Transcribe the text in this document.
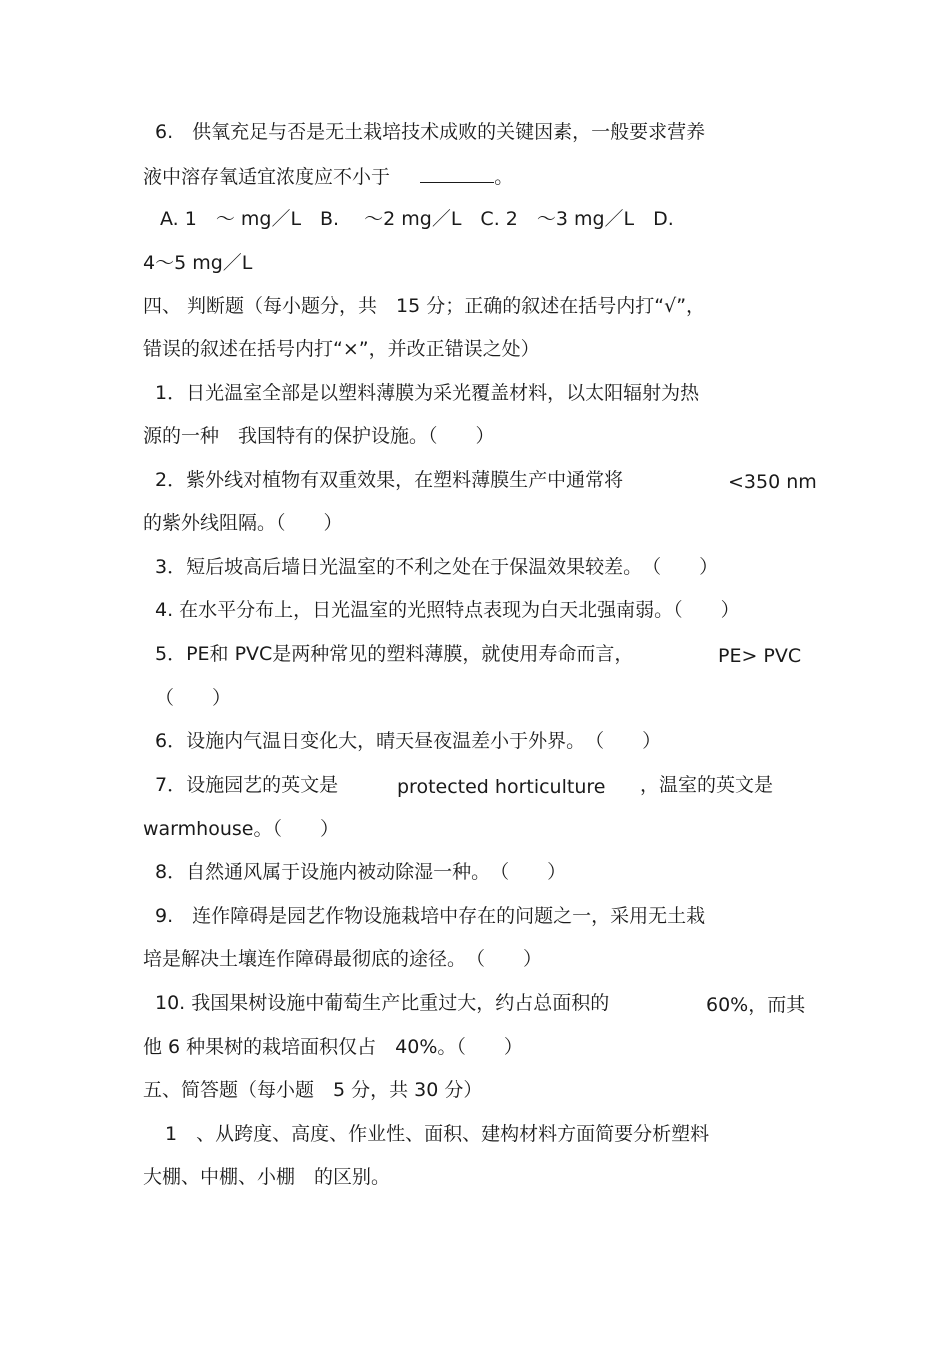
6.　供氧充足与否是无土栽培技术成败的关键因素，一般要求营养
液中溶存氧适宜浓度应不小于	。
A. 1　～ mg／L　B.　 ～2 mg／L　C. 2　～3 mg／L　D.
4～5 mg／L
四、 判断题（每小题分，共　15 分；正确的叙述在括号内打“√”，
错误的叙述在括号内打“×”，并改正错误之处）
1．日光温室全部是以塑料薄膜为采光覆盖材料，以太阳辐射为热
源的一种　我国特有的保护设施。（　　）
2．紫外线对植物有双重效果，在塑料薄膜生产中通常将	<350 nm
的紫外线阻隔。（　　）
3．短后坡高后墙日光温室的不利之处在于保温效果较差。　（　　）
4. 在水平分布上，日光温室的光照特点表现为白天北强南弱。（　　）
5．PE和 PVC是两种常见的塑料薄膜，就使用寿命而言，	PE> PVC
（　　）
6．设施内气温日变化大，晴天昼夜温差小于外界。　（　　）
7．设施园艺的英文是	protected horticulture ，温室的英文是
warmhouse。（　　）
8．自然通风属于设施内被动除湿一种。　（　　）
9.　连作障碍是园艺作物设施栽培中存在的问题之一，采用无土栽
培是解决土壤连作障碍最彻底的途径。　（　　）
10. 我国果树设施中葡萄生产比重过大，约占总面积的	60%，而其
他 6 种果树的栽培面积仅占　40%。（　　）
五、简答题（每小题　5 分，共 30 分）
1　、从跨度、高度、作业性、面积、建构材料方面简要分析塑料
大棚、中棚、小棚　的区别。
